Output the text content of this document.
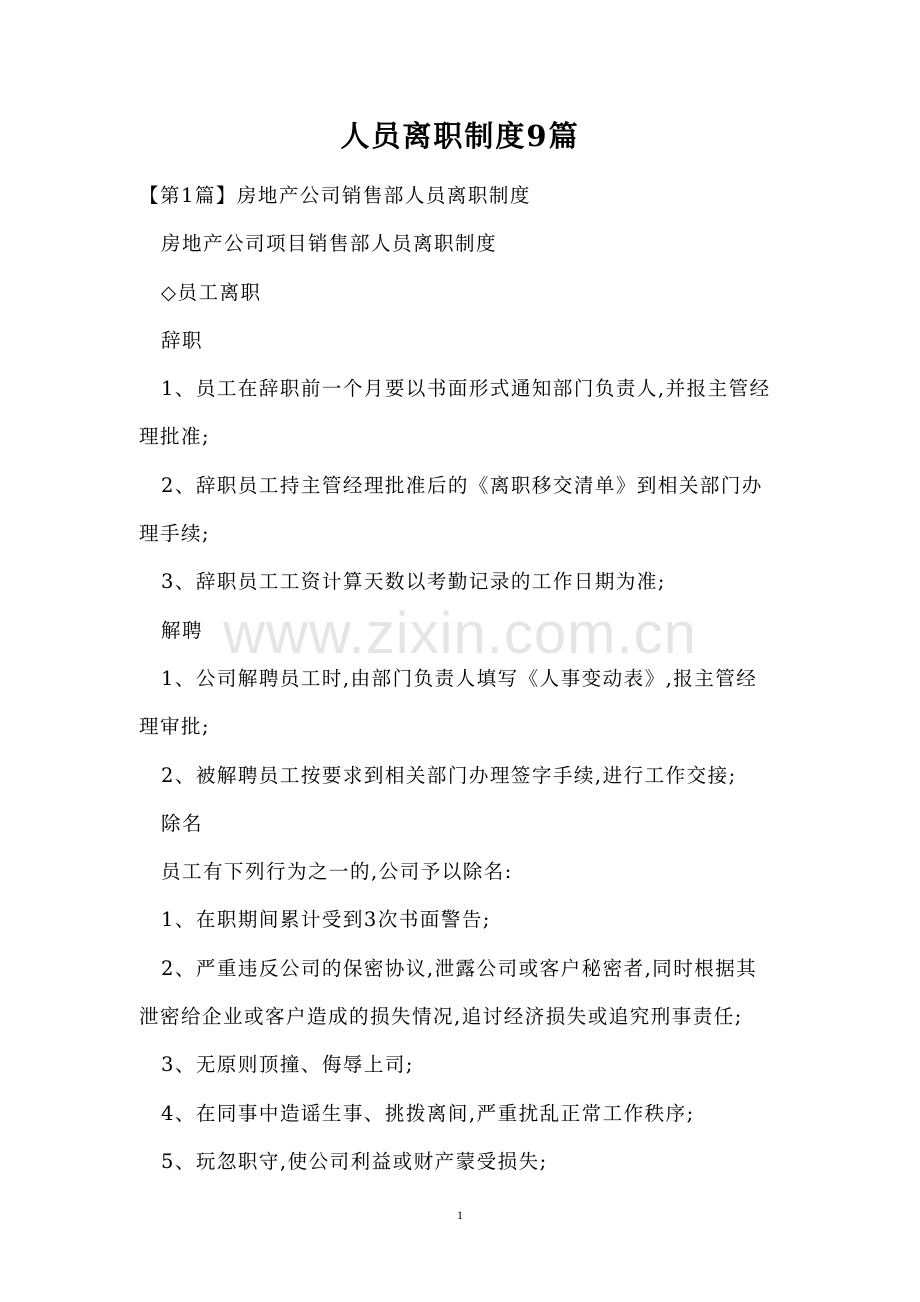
人员离职制度9篇
【第1篇】房地产公司销售部人员离职制度
房地产公司项目销售部人员离职制度
◇员工离职
辞职
1、员工在辞职前一个月要以书面形式通知部门负责人,并报主管经
理批准;
2、辞职员工持主管经理批准后的《离职移交清单》到相关部门办
理手续;
3、辞职员工工资计算天数以考勤记录的工作日期为准;
解聘
1、公司解聘员工时,由部门负责人填写《人事变动表》,报主管经
理审批;
2、被解聘员工按要求到相关部门办理签字手续,进行工作交接;
除名
员工有下列行为之一的,公司予以除名:
1、在职期间累计受到3次书面警告;
2、严重违反公司的保密协议,泄露公司或客户秘密者,同时根据其
泄密给企业或客户造成的损失情况,追讨经济损失或追究刑事责任;
3、无原则顶撞、侮辱上司;
4、在同事中造谣生事、挑拨离间,严重扰乱正常工作秩序;
5、玩忽职守,使公司利益或财产蒙受损失;
www.zixin.com.cn
1
